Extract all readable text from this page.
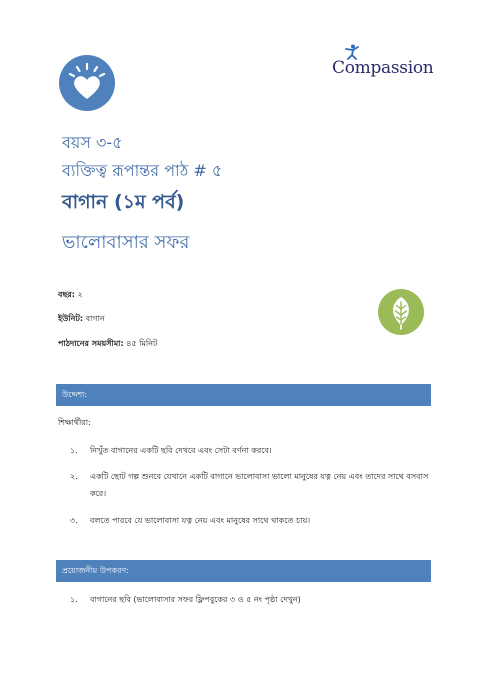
Compassion
বয়স ৩-৫
ব্যক্তিত্ব রূপান্তর পাঠ # ৫
বাগান (১ম পর্ব)
ভালোবাসার সফর
বছর: ২
ইউনিট: বাগান
পাঠদানের সময়সীমা: ৪৫ মিনিট
উদ্দেশ্য:
শিক্ষার্থীরা:
১. নিখুঁত বাগানের একটি ছবি দেখবে এবং সেটা বর্ণনা করবে।
২. একটি ছোট গল্প শুনবে যেখানে একটি বাগানে ভালোবাসা ভালো মানুষের যত্ন নেয় এবং তাদের সাথে বসবাস করে।
৩. বলতে পারবে যে ভালোবাসা যত্ন নেয় এবং মানুষের সাথে থাকতে চায়।
প্রয়োজনীয় উপকরণ:
১. বাগানের ছবি (ভালোবাসার সফর ফ্লিপবুকের ৩ ও ৫ নং পৃষ্ঠা দেখুন)
